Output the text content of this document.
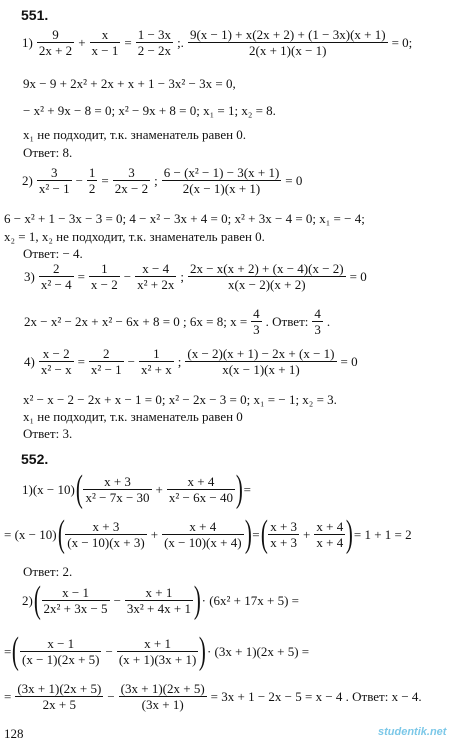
551.
$1) \frac{9}{2x + 2} + \frac{x}{x - 1} = \frac{1 - 3x}{2 - 2x}$ ;. $\frac{9(x - 1) + x(2x + 2) + (1 - 3x)(x + 1)}{2(x + 1)(x - 1)} = 0$;
9x − 9 + 2x² + 2x + x + 1 − 3x² − 3x = 0,
− x² + 9x − 8 = 0; x² − 9x + 8 = 0; x₁ = 1; x₂ = 8.
x₁ не подходит, т.к. знаменатель равен 0.
Ответ: 8.
$2) \frac{3}{\text{x² − 1}} - \frac{1}{2} = \frac{3}{2x - 2}$ ; $\frac{\text{6 − (x² − 1) − 3(x + 1)}}{2(x - 1)(x + 1)} = 0$
6 − x² + 1 − 3x − 3 = 0; 4 − x² − 3x + 4 = 0; x² + 3x − 4 = 0; x₁ = − 4;
x₂ = 1, x₂ не подходит, т.к. знаменатель равен 0.
Ответ: − 4.
$3) \frac{2}{\text{x² − 4}} = \frac{1}{x - 2} - \frac{x - 4}{\text{x² + 2x}}$ ; $\frac{2x - x(x + 2) + (x - 4)(x - 2)}{x(x - 2)(x + 2)} = 0$
2x − x² − 2x + x² − 6x + 8 = 0 ; 6x = 8; $x = \frac{4}{3}$ . Ответ: $\frac{4}{3}$ .
$4) \frac{x - 2}{\text{x² − x}} = \frac{2}{\text{x² − 1}} - \frac{1}{\text{x² + x}}$ ; $\frac{(x - 2)(x + 1) - 2x + (x - 1)}{x(x - 1)(x + 1)} = 0$
x² − x − 2 − 2x + x − 1 = 0; x² − 2x − 3 = 0; x₁ = − 1; x₂ = 3.
x₁ не подходит, т.к. знаменатель равен 0
Ответ: 3.
552.
$1)(x - 10)( \frac{x + 3}{\text{x² − 7x − 30}} + \frac{x + 4}{\text{x² − 6x − 40}}$ )=
= $(x - 10)( \frac{x + 3}{(x - 10)(x + 3)} + \frac{x + 4}{(x - 10)(x + 4)}$ )=( $\frac{x + 3}{x + 3} + \frac{x + 4}{x + 4}$ )= 1 + 1 = 2
Ответ: 2.
$2)( \frac{x - 1}{\text{2x² + 3x − 5}} - \frac{x + 1}{\text{3x² + 4x + 1}}$ )· (6x² + 17x + 5) =
=( $\frac{x - 1}{(x - 1)(2x + 5)} - \frac{x + 1}{(x + 1)(3x + 1)}$ )· (3x + 1)(2x + 5) =
= $\frac{(3x + 1)(2x + 5)}{2x + 5} - \frac{(3x + 1)(2x + 5)}{(3x + 1)} = 3x + 1 - 2x - 5 = x - 4$ . Ответ: x − 4.
128	studentik.net
